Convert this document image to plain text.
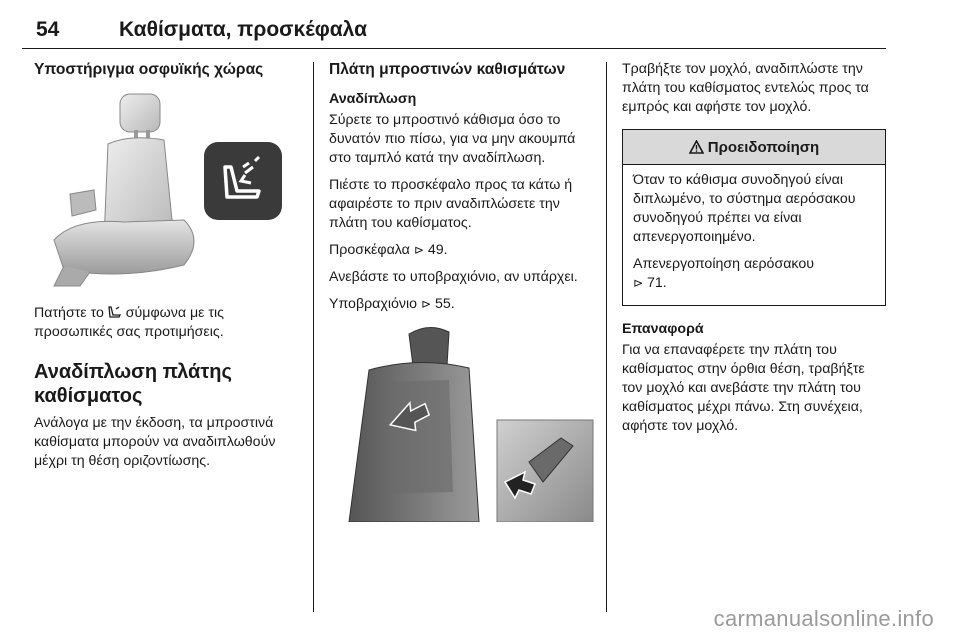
54	Καθίσματα, προσκέφαλα
Υποστήριγμα οσφυϊκής χώρας

Πατήστε το σύμφωνα με τις προσωπικές σας προτιμήσεις.

Αναδίπλωση πλάτης καθίσματος

Ανάλογα με την έκδοση, τα μπροστινά καθίσματα μπορούν να αναδιπλωθούν μέχρι τη θέση οριζοντίωσης.

Πλάτη μπροστινών καθισμάτων
Αναδίπλωση

Σύρετε το μπροστινό κάθισμα όσο το δυνατόν πιο πίσω, για να μην ακουμπά στο ταμπλό κατά την αναδίπλωση.

Πιέστε το προσκέφαλο προς τα κάτω ή αφαιρέστε το πριν αναδιπλώσετε την πλάτη του καθίσματος.

Προσκέφαλα ⊳ 49.

Ανεβάστε το υποβραχιόνιο, αν υπάρχει.

Υποβραχιόνιο ⊳ 55.

Τραβήξτε τον μοχλό, αναδιπλώστε την πλάτη του καθίσματος εντελώς προς τα εμπρός και αφήστε τον μοχλό.

Προειδοποίηση

Όταν το κάθισμα συνοδηγού είναι διπλωμένο, το σύστημα αερόσακου συνοδηγού πρέπει να είναι απενεργοποιημένο.

Απενεργοποίηση αερόσακου
⊳ 71.

Επαναφορά

Για να επαναφέρετε την πλάτη του καθίσματος στην όρθια θέση, τραβήξτε τον μοχλό και ανεβάστε την πλάτη του καθίσματος μέχρι πάνω. Στη συνέχεια, αφήστε τον μοχλό.

carmanualsonline.info
